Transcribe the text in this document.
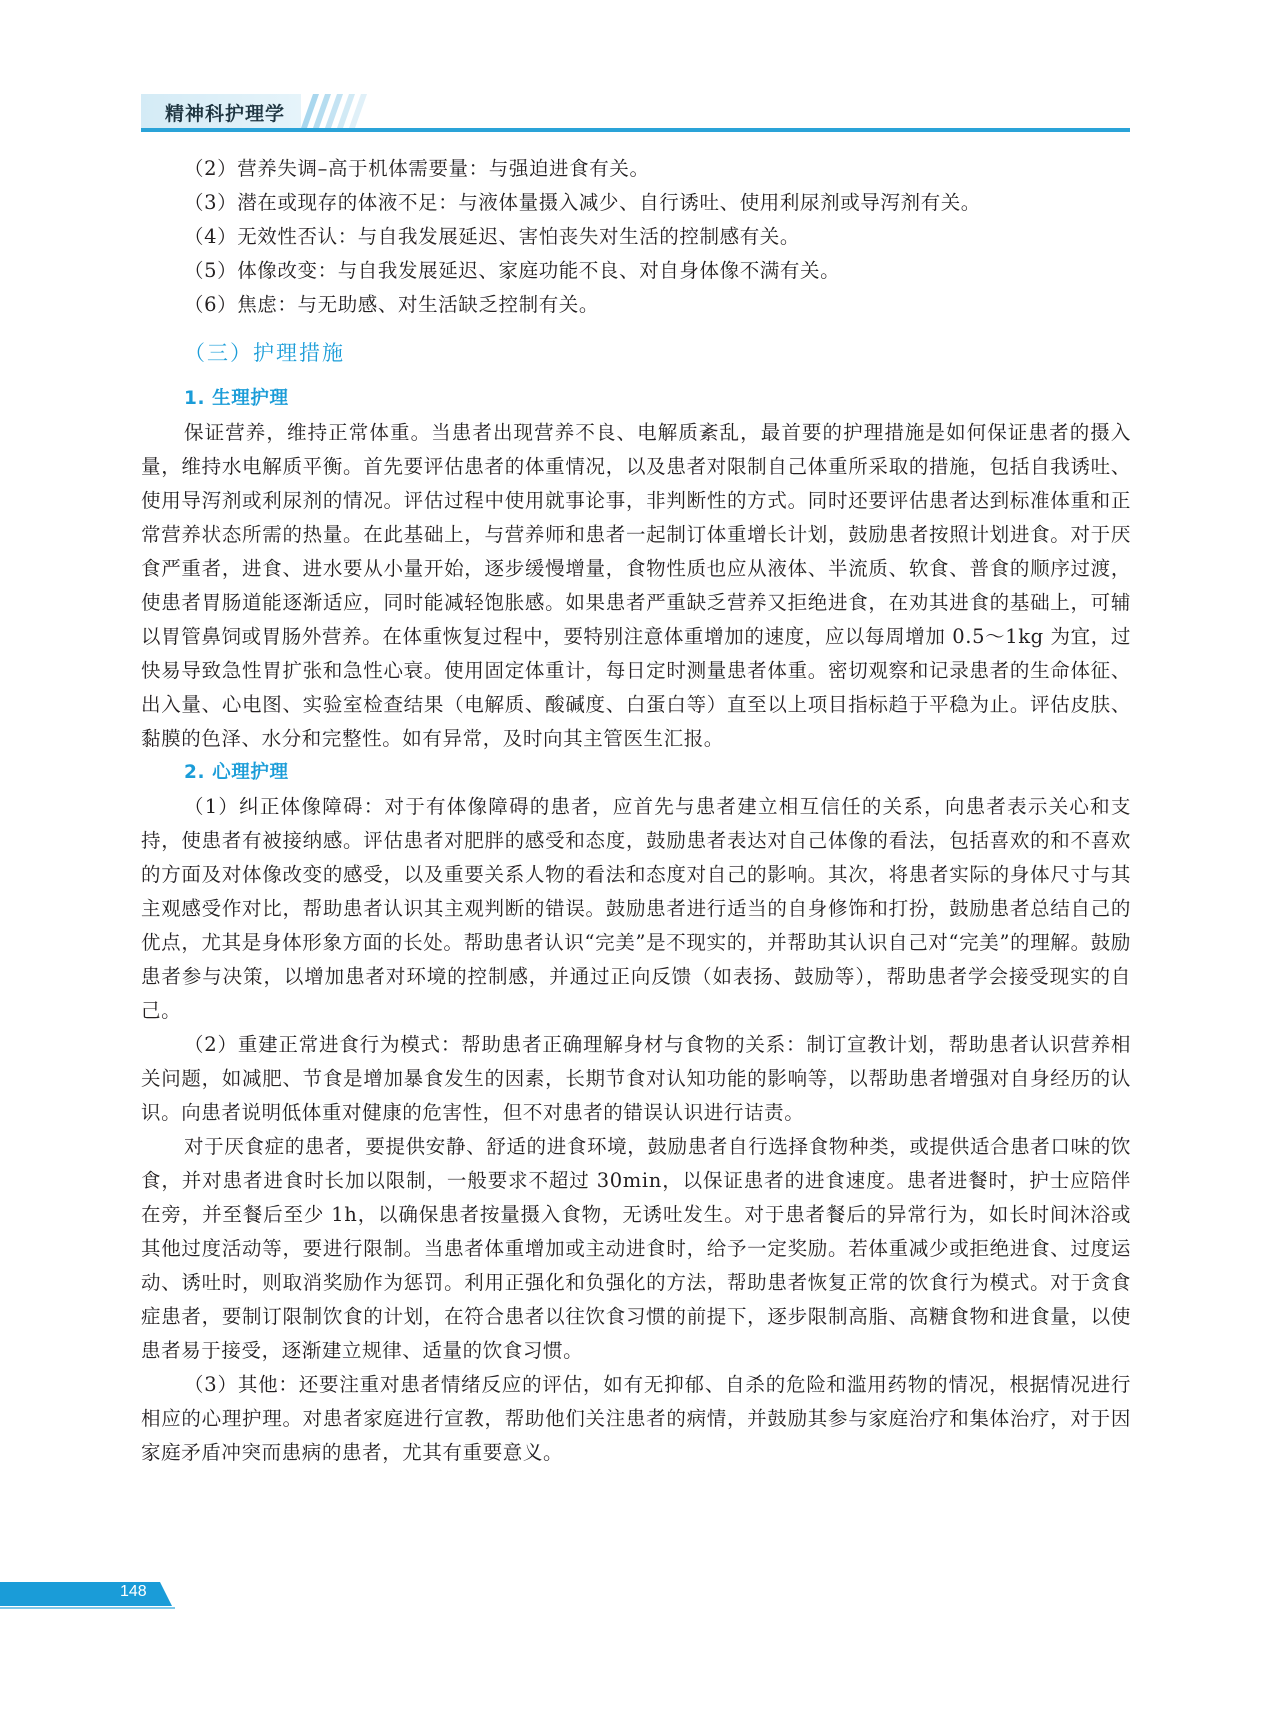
精神科护理学

（2）营养失调–高于机体需要量：与强迫进食有关。

（3）潜在或现存的体液不足：与液体量摄入减少、自行诱吐、使用利尿剂或导泻剂有关。

（4）无效性否认：与自我发展延迟、害怕丧失对生活的控制感有关。

（5）体像改变：与自我发展延迟、家庭功能不良、对自身体像不满有关。

（6）焦虑：与无助感、对生活缺乏控制有关。

（三）护理措施

1. 生理护理

保证营养，维持正常体重。当患者出现营养不良、电解质紊乱，最首要的护理措施是如何保证患者的摄入量，维持水电解质平衡。首先要评估患者的体重情况，以及患者对限制自己体重所采取的措施，包括自我诱吐、使用导泻剂或利尿剂的情况。评估过程中使用就事论事，非判断性的方式。同时还要评估患者达到标准体重和正常营养状态所需的热量。在此基础上，与营养师和患者一起制订体重增长计划，鼓励患者按照计划进食。对于厌食严重者，进食、进水要从小量开始，逐步缓慢增量，食物性质也应从液体、半流质、软食、普食的顺序过渡，使患者胃肠道能逐渐适应，同时能减轻饱胀感。如果患者严重缺乏营养又拒绝进食，在劝其进食的基础上，可辅以胃管鼻饲或胃肠外营养。在体重恢复过程中，要特别注意体重增加的速度，应以每周增加 0.5～1kg 为宜，过快易导致急性胃扩张和急性心衰。使用固定体重计，每日定时测量患者体重。密切观察和记录患者的生命体征、出入量、心电图、实验室检查结果（电解质、酸碱度、白蛋白等）直至以上项目指标趋于平稳为止。评估皮肤、黏膜的色泽、水分和完整性。如有异常，及时向其主管医生汇报。

2. 心理护理

（1）纠正体像障碍：对于有体像障碍的患者，应首先与患者建立相互信任的关系，向患者表示关心和支持，使患者有被接纳感。评估患者对肥胖的感受和态度，鼓励患者表达对自己体像的看法，包括喜欢的和不喜欢的方面及对体像改变的感受，以及重要关系人物的看法和态度对自己的影响。其次，将患者实际的身体尺寸与其主观感受作对比，帮助患者认识其主观判断的错误。鼓励患者进行适当的自身修饰和打扮，鼓励患者总结自己的优点，尤其是身体形象方面的长处。帮助患者认识“完美”是不现实的，并帮助其认识自己对“完美”的理解。鼓励患者参与决策，以增加患者对环境的控制感，并通过正向反馈（如表扬、鼓励等），帮助患者学会接受现实的自己。

（2）重建正常进食行为模式：帮助患者正确理解身材与食物的关系：制订宣教计划，帮助患者认识营养相关问题，如减肥、节食是增加暴食发生的因素，长期节食对认知功能的影响等，以帮助患者增强对自身经历的认识。向患者说明低体重对健康的危害性，但不对患者的错误认识进行诘责。

对于厌食症的患者，要提供安静、舒适的进食环境，鼓励患者自行选择食物种类，或提供适合患者口味的饮食，并对患者进食时长加以限制，一般要求不超过 30min，以保证患者的进食速度。患者进餐时，护士应陪伴在旁，并至餐后至少 1h，以确保患者按量摄入食物，无诱吐发生。对于患者餐后的异常行为，如长时间沐浴或其他过度活动等，要进行限制。当患者体重增加或主动进食时，给予一定奖励。若体重减少或拒绝进食、过度运动、诱吐时，则取消奖励作为惩罚。利用正强化和负强化的方法，帮助患者恢复正常的饮食行为模式。对于贪食症患者，要制订限制饮食的计划，在符合患者以往饮食习惯的前提下，逐步限制高脂、高糖食物和进食量，以使患者易于接受，逐渐建立规律、适量的饮食习惯。

（3）其他：还要注重对患者情绪反应的评估，如有无抑郁、自杀的危险和滥用药物的情况，根据情况进行相应的心理护理。对患者家庭进行宣教，帮助他们关注患者的病情，并鼓励其参与家庭治疗和集体治疗，对于因家庭矛盾冲突而患病的患者，尤其有重要意义。

148
